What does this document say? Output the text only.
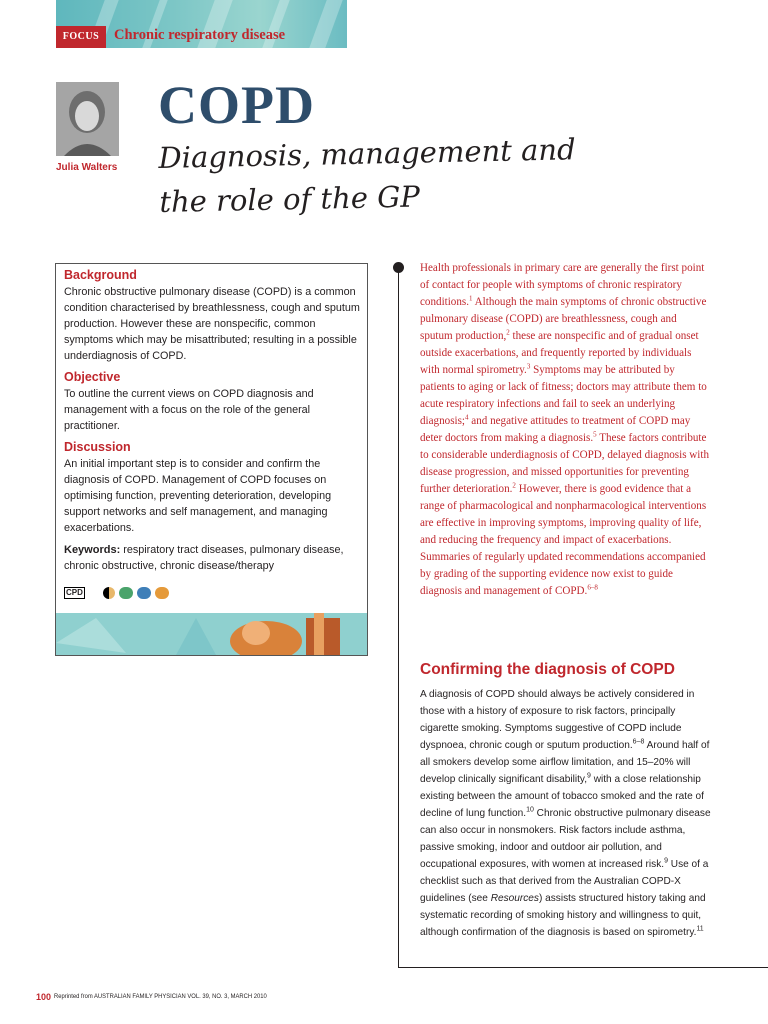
FOCUS	Chronic respiratory disease
Julia Walters
COPD
Diagnosis, management and the role of the GP

Background

Chronic obstructive pulmonary disease (COPD) is a common condition characterised by breathlessness, cough and sputum production. However these are nonspecific, common symptoms which may be misattributed; resulting in a possible underdiagnosis of COPD.

Objective

To outline the current views on COPD diagnosis and management with a focus on the role of the general practitioner.

Discussion

An initial important step is to consider and confirm the diagnosis of COPD. Management of COPD focuses on optimising function, preventing deterioration, developing support networks and self management, and managing exacerbations.

Keywords: respiratory tract diseases, pulmonary disease, chronic obstructive, chronic disease/therapy

CPD
Health professionals in primary care are generally the first point of contact for people with symptoms of chronic respiratory conditions.$^1$ Although the main symptoms of chronic obstructive pulmonary disease (COPD) are breathlessness, cough and sputum production,$^2$ these are nonspecific and of gradual onset outside exacerbations, and frequently reported by individuals with normal spirometry.$^3$ Symptoms may be attributed by patients to aging or lack of fitness; doctors may attribute them to acute respiratory infections and fail to seek an underlying diagnosis;$^4$ and negative attitudes to treatment of COPD may deter doctors from making a diagnosis.$^5$ These factors contribute to considerable underdiagnosis of COPD, delayed diagnosis with disease progression, and missed opportunities for preventing further deterioration.$^2$ However, there is good evidence that a range of pharmacological and nonpharmacological interventions are effective in improving symptoms, improving quality of life, and reducing the frequency and impact of exacerbations. Summaries of regularly updated recommendations accompanied by grading of the supporting evidence now exist to guide diagnosis and management of COPD.$^{6-8}$
Confirming the diagnosis of COPD
A diagnosis of COPD should always be actively considered in those with a history of exposure to risk factors, principally cigarette smoking. Symptoms suggestive of COPD include dyspnoea, chronic cough or sputum production.$^{6-8}$ Around half of all smokers develop some airflow limitation, and 15–20% will develop clinically significant disability,$^9$ with a close relationship existing between the amount of tobacco smoked and the rate of decline of lung function.$^{10}$ Chronic obstructive pulmonary disease can also occur in nonsmokers. Risk factors include asthma, passive smoking, indoor and outdoor air pollution, and occupational exposures, with women at increased risk.$^9$ Use of a checklist such as that derived from the Australian COPD-X guidelines (see Resources) assists structured history taking and systematic recording of smoking history and willingness to quit, although confirmation of the diagnosis is based on spirometry.$^{11}$
100 Reprinted from AUSTRALIAN FAMILY PHYSICIAN VOL. 39, NO. 3, MARCH 2010
